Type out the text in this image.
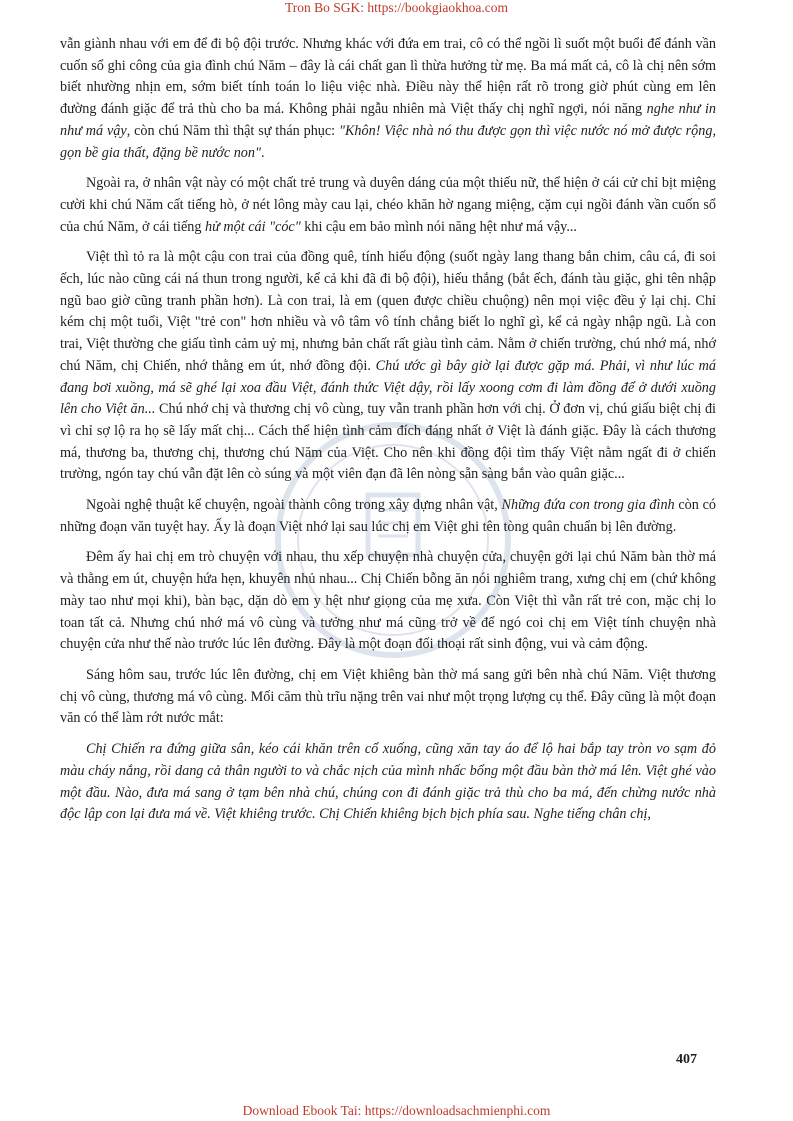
Tron Bo SGK: https://bookgiaokhoa.com

vẫn giành nhau với em để đi bộ đội trước. Nhưng khác với đứa em trai, cô có thể ngồi lì suốt một buổi để đánh vần cuốn sổ ghi công của gia đình chú Năm – đây là cái chất gan lì thừa hưởng từ mẹ. Ba má mất cả, cô là chị nên sớm biết nhường nhịn em, sớm biết tính toán lo liệu việc nhà. Điều này thể hiện rất rõ trong giờ phút cùng em lên đường đánh giặc để trả thù cho ba má. Không phải ngẫu nhiên mà Việt thấy chị nghĩ ngợi, nói năng nghe như in như má vậy, còn chú Năm thì thật sự thán phục: "Khôn! Việc nhà nó thu được gọn thì việc nước nó mở được rộng, gọn bề gia thất, đặng bề nước non".

Ngoài ra, ở nhân vật này có một chất trẻ trung và duyên dáng của một thiếu nữ, thể hiện ở cái cử chỉ bịt miệng cười khi chú Năm cất tiếng hò, ở nét lông mày cau lại, chéo khăn hờ ngang miệng, cặm cụi ngồi đánh vần cuốn sổ của chú Năm, ở cái tiếng hử một cái "cóc" khi cậu em bảo mình nói năng hệt như má vậy...

Việt thì tỏ ra là một cậu con trai của đồng quê, tính hiếu động (suốt ngày lang thang bắn chim, câu cá, đi soi ếch, lúc nào cũng cái ná thun trong người, kể cả khi đã đi bộ đội), hiếu thắng (bắt ếch, đánh tàu giặc, ghi tên nhập ngũ bao giờ cũng tranh phần hơn). Là con trai, là em (quen được chiều chuộng) nên mọi việc đều ỷ lại chị. Chỉ kém chị một tuổi, Việt "trẻ con" hơn nhiều và vô tâm vô tính chẳng biết lo nghĩ gì, kể cả ngày nhập ngũ. Là con trai, Việt thường che giấu tình cảm uỷ mị, nhưng bản chất rất giàu tình cảm. Nằm ở chiến trường, chú nhớ má, nhớ chú Năm, chị Chiến, nhớ thằng em út, nhớ đồng đội. Chú ước gì bây giờ lại được gặp má. Phải, vì như lúc má đang bơi xuồng, má sẽ ghé lại xoa đầu Việt, đánh thức Việt dậy, rồi lấy xoong cơm đi làm đồng để ở dưới xuồng lên cho Việt ăn... Chú nhớ chị và thương chị vô cùng, tuy vẫn tranh phần hơn với chị. Ở đơn vị, chú giấu biệt chị đi vì chỉ sợ lộ ra họ sẽ lấy mất chị... Cách thể hiện tình cảm đích đáng nhất ở Việt là đánh giặc. Đây là cách thương má, thương ba, thương chị, thương chú Năm của Việt. Cho nên khi đồng đội tìm thấy Việt nằm ngất đi ở chiến trường, ngón tay chú vẫn đặt lên cò súng và một viên đạn đã lên nòng sẵn sàng bắn vào quân giặc...

Ngoài nghệ thuật kể chuyện, ngoài thành công trong xây dựng nhân vật, Những đứa con trong gia đình còn có những đoạn văn tuyệt hay. Ấy là đoạn Việt nhớ lại sau lúc chị em Việt ghi tên tòng quân chuẩn bị lên đường.

Đêm ấy hai chị em trò chuyện với nhau, thu xếp chuyện nhà chuyện cửa, chuyện gởi lại chú Năm bàn thờ má và thằng em út, chuyện hứa hẹn, khuyên nhủ nhau... Chị Chiến bỗng ăn nói nghiêm trang, xưng chị em (chứ không mày tao như mọi khi), bàn bạc, dặn dò em y hệt như giọng của mẹ xưa. Còn Việt thì vẫn rất trẻ con, mặc chị lo toan tất cả. Nhưng chú nhớ má vô cùng và tưởng như má cũng trở về để ngó coi chị em Việt tính chuyện nhà chuyện cửa như thế nào trước lúc lên đường. Đây là một đoạn đối thoại rất sinh động, vui và cảm động.

Sáng hôm sau, trước lúc lên đường, chị em Việt khiêng bàn thờ má sang gửi bên nhà chú Năm. Việt thương chị vô cùng, thương má vô cùng. Mối căm thù trĩu nặng trên vai như một trọng lượng cụ thể. Đây cũng là một đoạn văn có thể làm rớt nước mắt:

Chị Chiến ra đứng giữa sân, kéo cái khăn trên cổ xuống, cũng xăn tay áo để lộ hai bắp tay tròn vo sạm đỏ màu cháy nắng, rồi dang cả thân người to và chắc nịch của mình nhấc bổng một đầu bàn thờ má lên. Việt ghé vào một đầu. Nào, đưa má sang ở tạm bên nhà chú, chúng con đi đánh giặc trả thù cho ba má, đến chừng nước nhà độc lập con lại đưa má về. Việt khiêng trước. Chị Chiến khiêng bịch bịch phía sau. Nghe tiếng chân chị,

407
Download Ebook Tai: https://downloadsachmienphi.com
